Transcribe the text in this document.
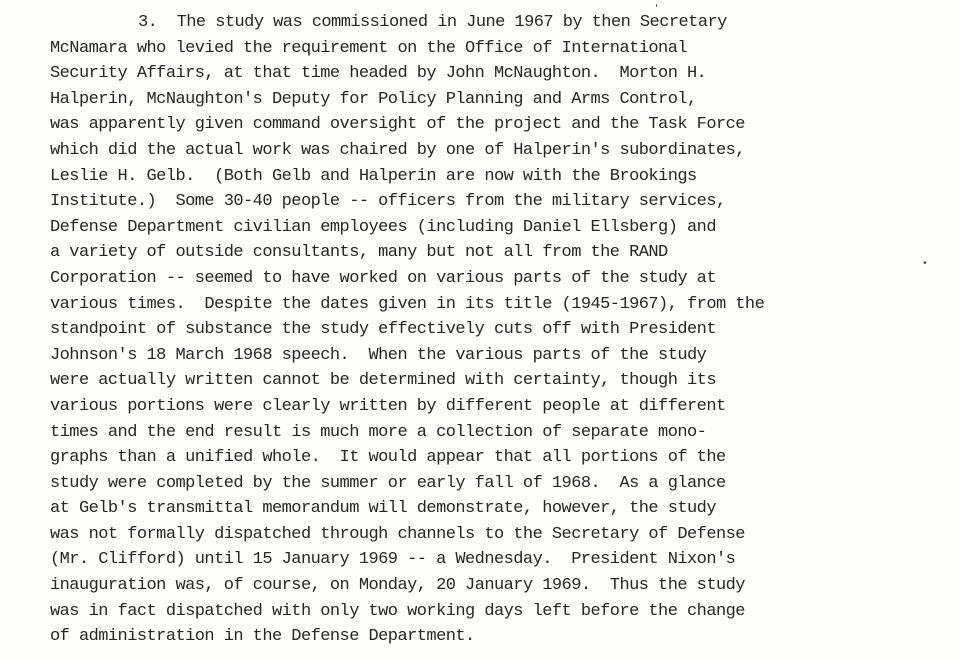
'
•
3. The study was commissioned in June 1967 by then Secretary
McNamara who levied the requirement on the Office of International
Security Affairs, at that time headed by John McNaughton.  Morton H.
Halperin, McNaughton's Deputy for Policy Planning and Arms Control,
was apparently given command oversight of the project and the Task Force
which did the actual work was chaired by one of Halperin's subordinates,
Leslie H. Gelb.  (Both Gelb and Halperin are now with the Brookings
Institute.)  Some 30-40 people -- officers from the military services,
Defense Department civilian employees (including Daniel Ellsberg) and
a variety of outside consultants, many but not all from the RAND
Corporation -- seemed to have worked on various parts of the study at
various times.  Despite the dates given in its title (1945-1967), from the
standpoint of substance the study effectively cuts off with President
Johnson's 18 March 1968 speech.  When the various parts of the study
were actually written cannot be determined with certainty, though its
various portions were clearly written by different people at different
times and the end result is much more a collection of separate mono-
graphs than a unified whole.  It would appear that all portions of the
study were completed by the summer or early fall of 1968.  As a glance
at Gelb's transmittal memorandum will demonstrate, however, the study
was not formally dispatched through channels to the Secretary of Defense
(Mr. Clifford) until 15 January 1969 -- a Wednesday.  President Nixon's
inauguration was, of course, on Monday, 20 January 1969.  Thus the study
was in fact dispatched with only two working days left before the change
of administration in the Defense Department.
